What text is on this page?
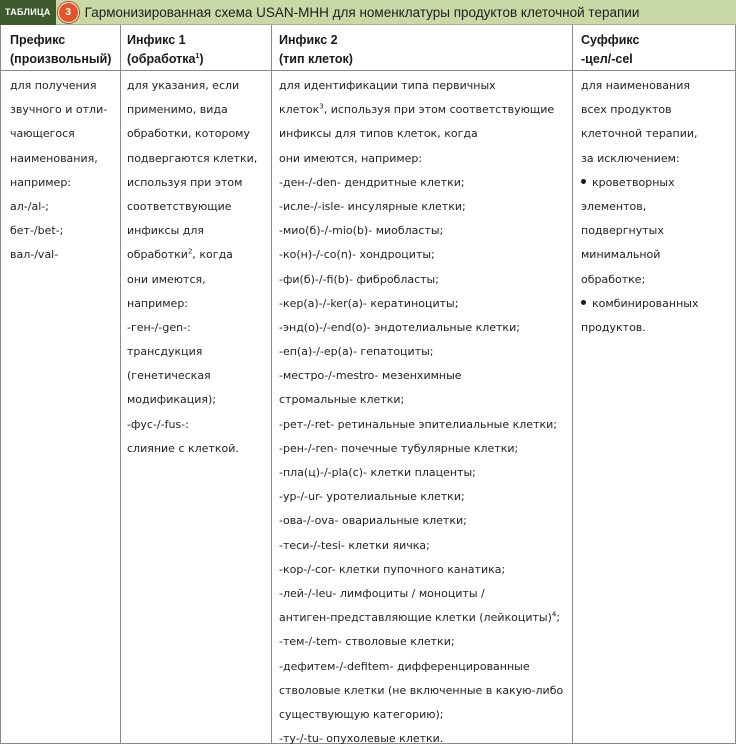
ТАБЛИЦА	3	Гармонизированная схема USAN-МНН для номенклатуры продуктов клеточной терапии
Префикс
(произвольный)
Инфикс 1
(обработка$^1$)
Инфикс 2
(тип клеток)
Суффикс
-цел/-cel
для получения
звучного и отли-
чающегося
наименования,
например:
ал-/al-;
бет-/bet-;
вал-/val-
для указания, если
применимо, вида
обработки, которому
подвергаются клетки,
используя при этом
соответствующие
инфиксы для
обработки$^2$, когда
они имеются,
например:
-ген-/-gen-:
трансдукция
(генетическая
модификация);
-фус-/-fus-:
слияние с клеткой.
для идентификации типа первичных
клеток$^3$, используя при этом соответствующие
инфиксы для типов клеток, когда
они имеются, например:
-ден-/-den- дендритные клетки;
-исле-/-isle- инсулярные клетки;
-мио(б)-/-mio(b)- миобласты;
-ко(н)-/-co(n)- хондроциты;
-фи(б)-/-fi(b)- фибробласты;
-кер(а)-/-ker(a)- кератиноциты;
-энд(о)-/-end(o)- эндотелиальные клетки;
-еп(а)-/-ep(a)- гепатоциты;
-местро-/-mestro- мезенхимные
стромальные клетки;
-рет-/-ret- ретинальные эпителиальные клетки;
-рен-/-ren- почечные тубулярные клетки;
-пла(ц)-/-pla(c)- клетки плаценты;
-ур-/-ur- уротелиальные клетки;
-ова-/-ova- овариальные клетки;
-теси-/-tesi- клетки яичка;
-кор-/-cor- клетки пупочного канатика;
-лей-/-leu- лимфоциты / моноциты /
антиген-представляющие клетки (лейкоциты)$^4$;
-тем-/-tem- стволовые клетки;
-дефитем-/-defitem- дифференцированные
стволовые клетки (не включенные в какую-либо
существующую категорию);
-ту-/-tu- опухолевые клетки.
для наименования
всех продуктов
клеточной терапии,
за исключением:
кроветворных
элементов,
подвергнутых
минимальной
обработке;
комбинированных
продуктов.
